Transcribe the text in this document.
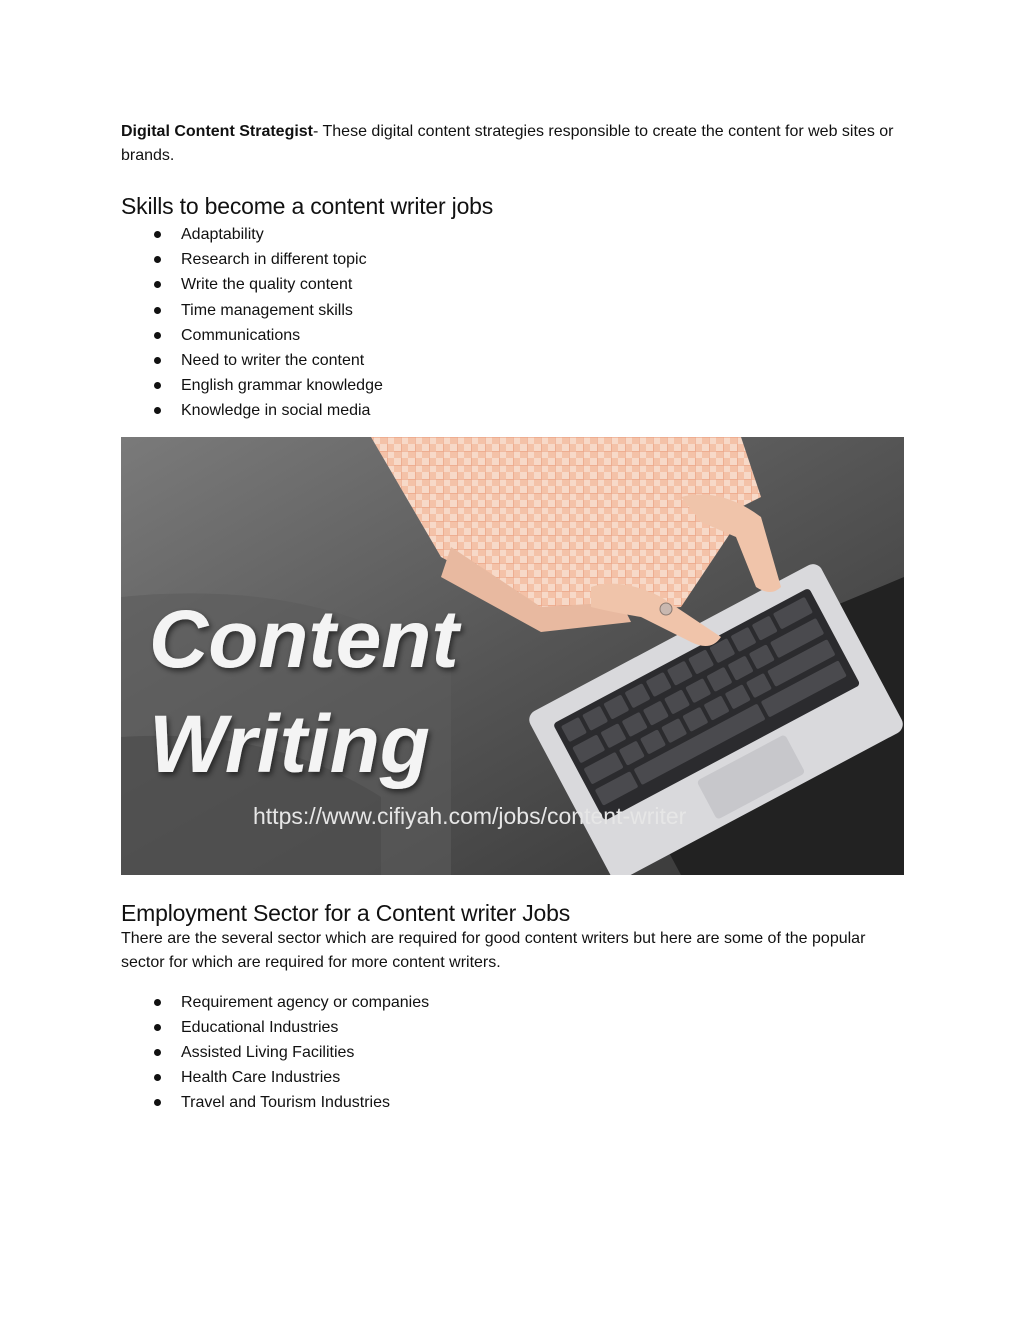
Digital Content Strategist- These digital content strategies responsible to create the content for web sites or brands.

Skills to become a content writer jobs
Adaptability
Research in different topic
Write the quality content
Time management skills
Communications
Need to writer the content
English grammar knowledge
Knowledge in social media
Content
Writing
https://www.cifiyah.com/jobs/content-writer
Employment Sector for a Content writer Jobs

There are the several sector which are required for good content writers but here are some of the popular sector for which are required for more content writers.

Requirement agency or companies
Educational Industries
Assisted Living Facilities
Health Care Industries
Travel and Tourism Industries
